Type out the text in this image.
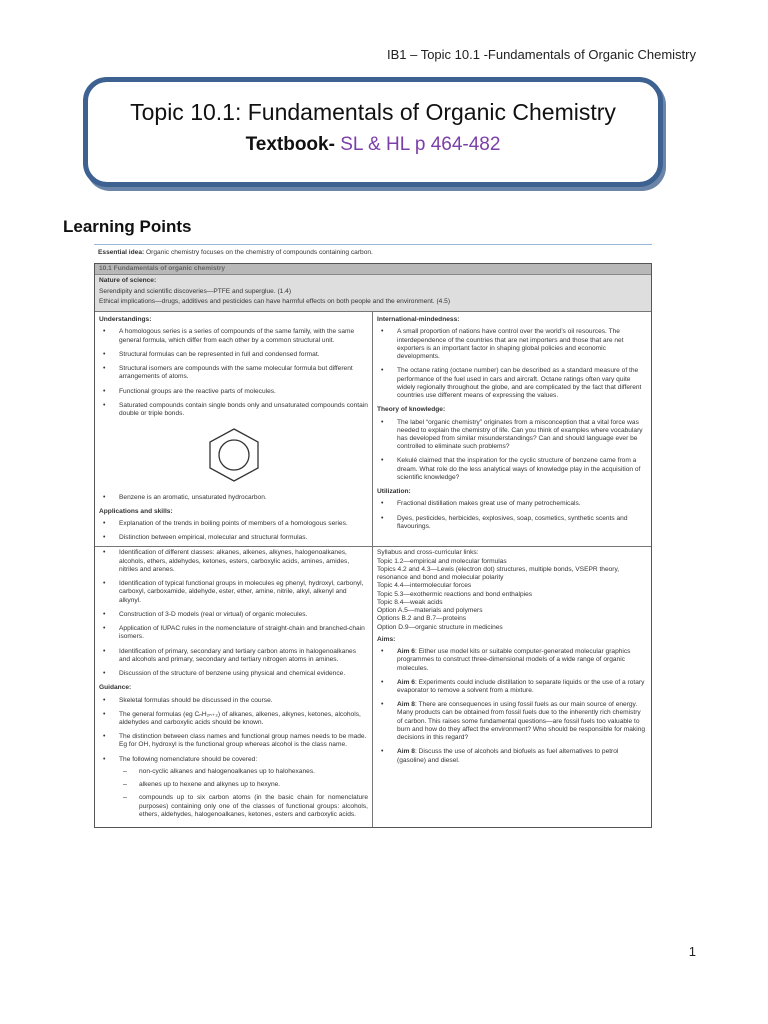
IB1 – Topic 10.1 -Fundamentals of Organic Chemistry
Topic 10.1: Fundamentals of Organic Chemistry
Textbook- SL & HL p 464-482
Learning Points
Essential idea: Organic chemistry focuses on the chemistry of compounds containing carbon.
10.1 Fundamentals of organic chemistry
Nature of science:

Serendipity and scientific discoveries—PTFE and superglue. (1.4)

Ethical implications—drugs, additives and pesticides can have harmful effects on both people and the environment. (4.5)

Understandings:
• A homologous series is a series of compounds of the same family, with the same general formula, which differ from each other by a common structural unit.
• Structural formulas can be represented in full and condensed format.
• Structural isomers are compounds with the same molecular formula but different arrangements of atoms.
• Functional groups are the reactive parts of molecules.
• Saturated compounds contain single bonds only and unsaturated compounds contain double or triple bonds.
• Benzene is an aromatic, unsaturated hydrocarbon.
Applications and skills:
• Explanation of the trends in boiling points of members of a homologous series.
• Distinction between empirical, molecular and structural formulas.
International-mindedness:
• A small proportion of nations have control over the world’s oil resources. The interdependence of the countries that are net importers and those that are net exporters is an important factor in shaping global policies and economic developments.
• The octane rating (octane number) can be described as a standard measure of the performance of the fuel used in cars and aircraft. Octane ratings often vary quite widely regionally throughout the globe, and are complicated by the fact that different countries use different means of expressing the values.
Theory of knowledge:
• The label “organic chemistry” originates from a misconception that a vital force was needed to explain the chemistry of life. Can you think of examples where vocabulary has developed from similar misunderstandings? Can and should language ever be controlled to eliminate such problems?
• Kekulé claimed that the inspiration for the cyclic structure of benzene came from a dream. What role do the less analytical ways of knowledge play in the acquisition of scientific knowledge?
Utilization:
• Fractional distillation makes great use of many petrochemicals.
• Dyes, pesticides, herbicides, explosives, soap, cosmetics, synthetic scents and flavourings.
• Identification of different classes: alkanes, alkenes, alkynes, halogenoalkanes, alcohols, ethers, aldehydes, ketones, esters, carboxylic acids, amines, amides, nitriles and arenes.
• Identification of typical functional groups in molecules eg phenyl, hydroxyl, carbonyl, carboxyl, carboxamide, aldehyde, ester, ether, amine, nitrile, alkyl, alkenyl and alkynyl.
• Construction of 3-D models (real or virtual) of organic molecules.
• Application of IUPAC rules in the nomenclature of straight-chain and branched-chain isomers.
• Identification of primary, secondary and tertiary carbon atoms in halogenoalkanes and alcohols and primary, secondary and tertiary nitrogen atoms in amines.
• Discussion of the structure of benzene using physical and chemical evidence.
Guidance:
• Skeletal formulas should be discussed in the course.
• The general formulas (eg CₙH₂ₙ₊₂) of alkanes, alkenes, alkynes, ketones, alcohols, aldehydes and carboxylic acids should be known.
• The distinction between class names and functional group names needs to be made. Eg for OH, hydroxyl is the functional group whereas alcohol is the class name.
• The following nomenclature should be covered:
– non-cyclic alkanes and halogenoalkanes up to halohexanes.
– alkenes up to hexene and alkynes up to hexyne.
– compounds up to six carbon atoms (in the basic chain for nomenclature purposes) containing only one of the classes of functional groups: alcohols, ethers, aldehydes, halogenoalkanes, ketones, esters and carboxylic acids.

Syllabus and cross-curricular links:

Topic 1.2—empirical and molecular formulas

Topics 4.2 and 4.3—Lewis (electron dot) structures, multiple bonds, VSEPR theory, resonance and bond and molecular polarity

Topic 4.4—intermolecular forces

Topic 5.3—exothermic reactions and bond enthalpies

Topic 8.4—weak acids

Option A.5—materials and polymers

Options B.2 and B.7—proteins

Option D.9—organic structure in medicines

Aims:
• Aim 6: Either use model kits or suitable computer-generated molecular graphics programmes to construct three-dimensional models of a wide range of organic molecules.
• Aim 6: Experiments could include distillation to separate liquids or the use of a rotary evaporator to remove a solvent from a mixture.
• Aim 8: There are consequences in using fossil fuels as our main source of energy. Many products can be obtained from fossil fuels due to the inherently rich chemistry of carbon. This raises some fundamental questions—are fossil fuels too valuable to burn and how do they affect the environment? Who should be responsible for making decisions in this regard?
• Aim 8: Discuss the use of alcohols and biofuels as fuel alternatives to petrol (gasoline) and diesel.
1
